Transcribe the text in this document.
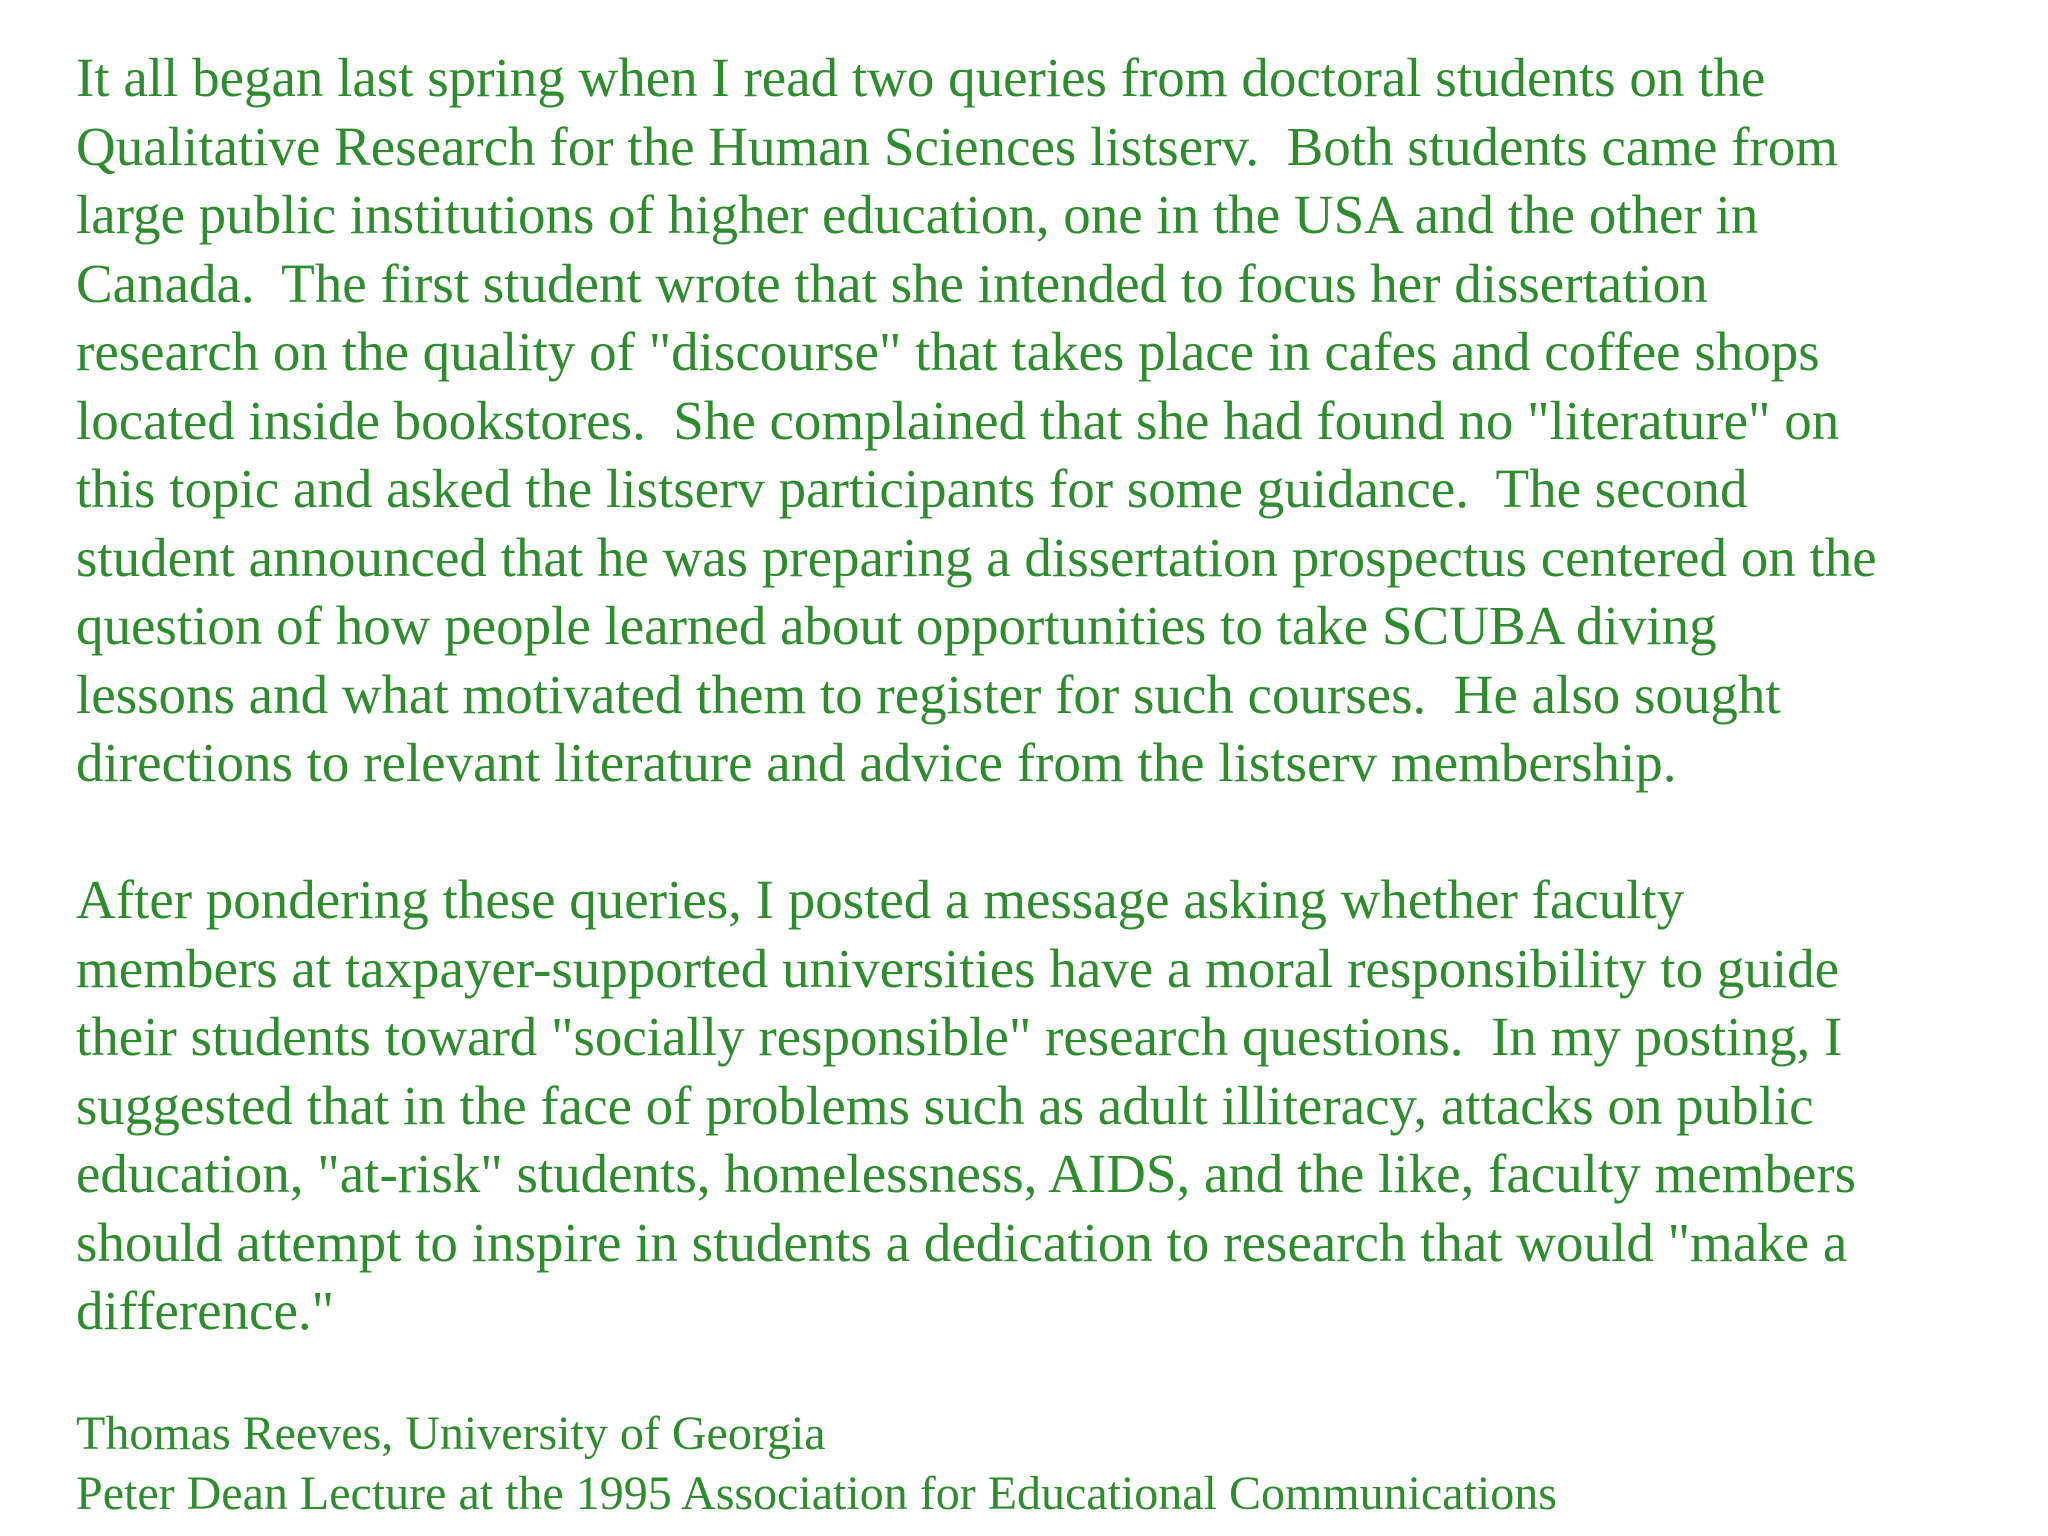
It all began last spring when I read two queries from doctoral students on the
Qualitative Research for the Human Sciences listserv.  Both students came from
large public institutions of higher education, one in the USA and the other in
Canada.  The first student wrote that she intended to focus her dissertation
research on the quality of "discourse" that takes place in cafes and coffee shops
located inside bookstores.  She complained that she had found no "literature" on
this topic and asked the listserv participants for some guidance.  The second
student announced that he was preparing a dissertation prospectus centered on the
question of how people learned about opportunities to take SCUBA diving
lessons and what motivated them to register for such courses.  He also sought
directions to relevant literature and advice from the listserv membership.

After pondering these queries, I posted a message asking whether faculty
members at taxpayer-supported universities have a moral responsibility to guide
their students toward "socially responsible" research questions.  In my posting, I
suggested that in the face of problems such as adult illiteracy, attacks on public
education, "at-risk" students, homelessness, AIDS, and the like, faculty members
should attempt to inspire in students a dedication to research that would "make a
difference."

Thomas Reeves, University of Georgia
Peter Dean Lecture at the 1995 Association for Educational Communications
